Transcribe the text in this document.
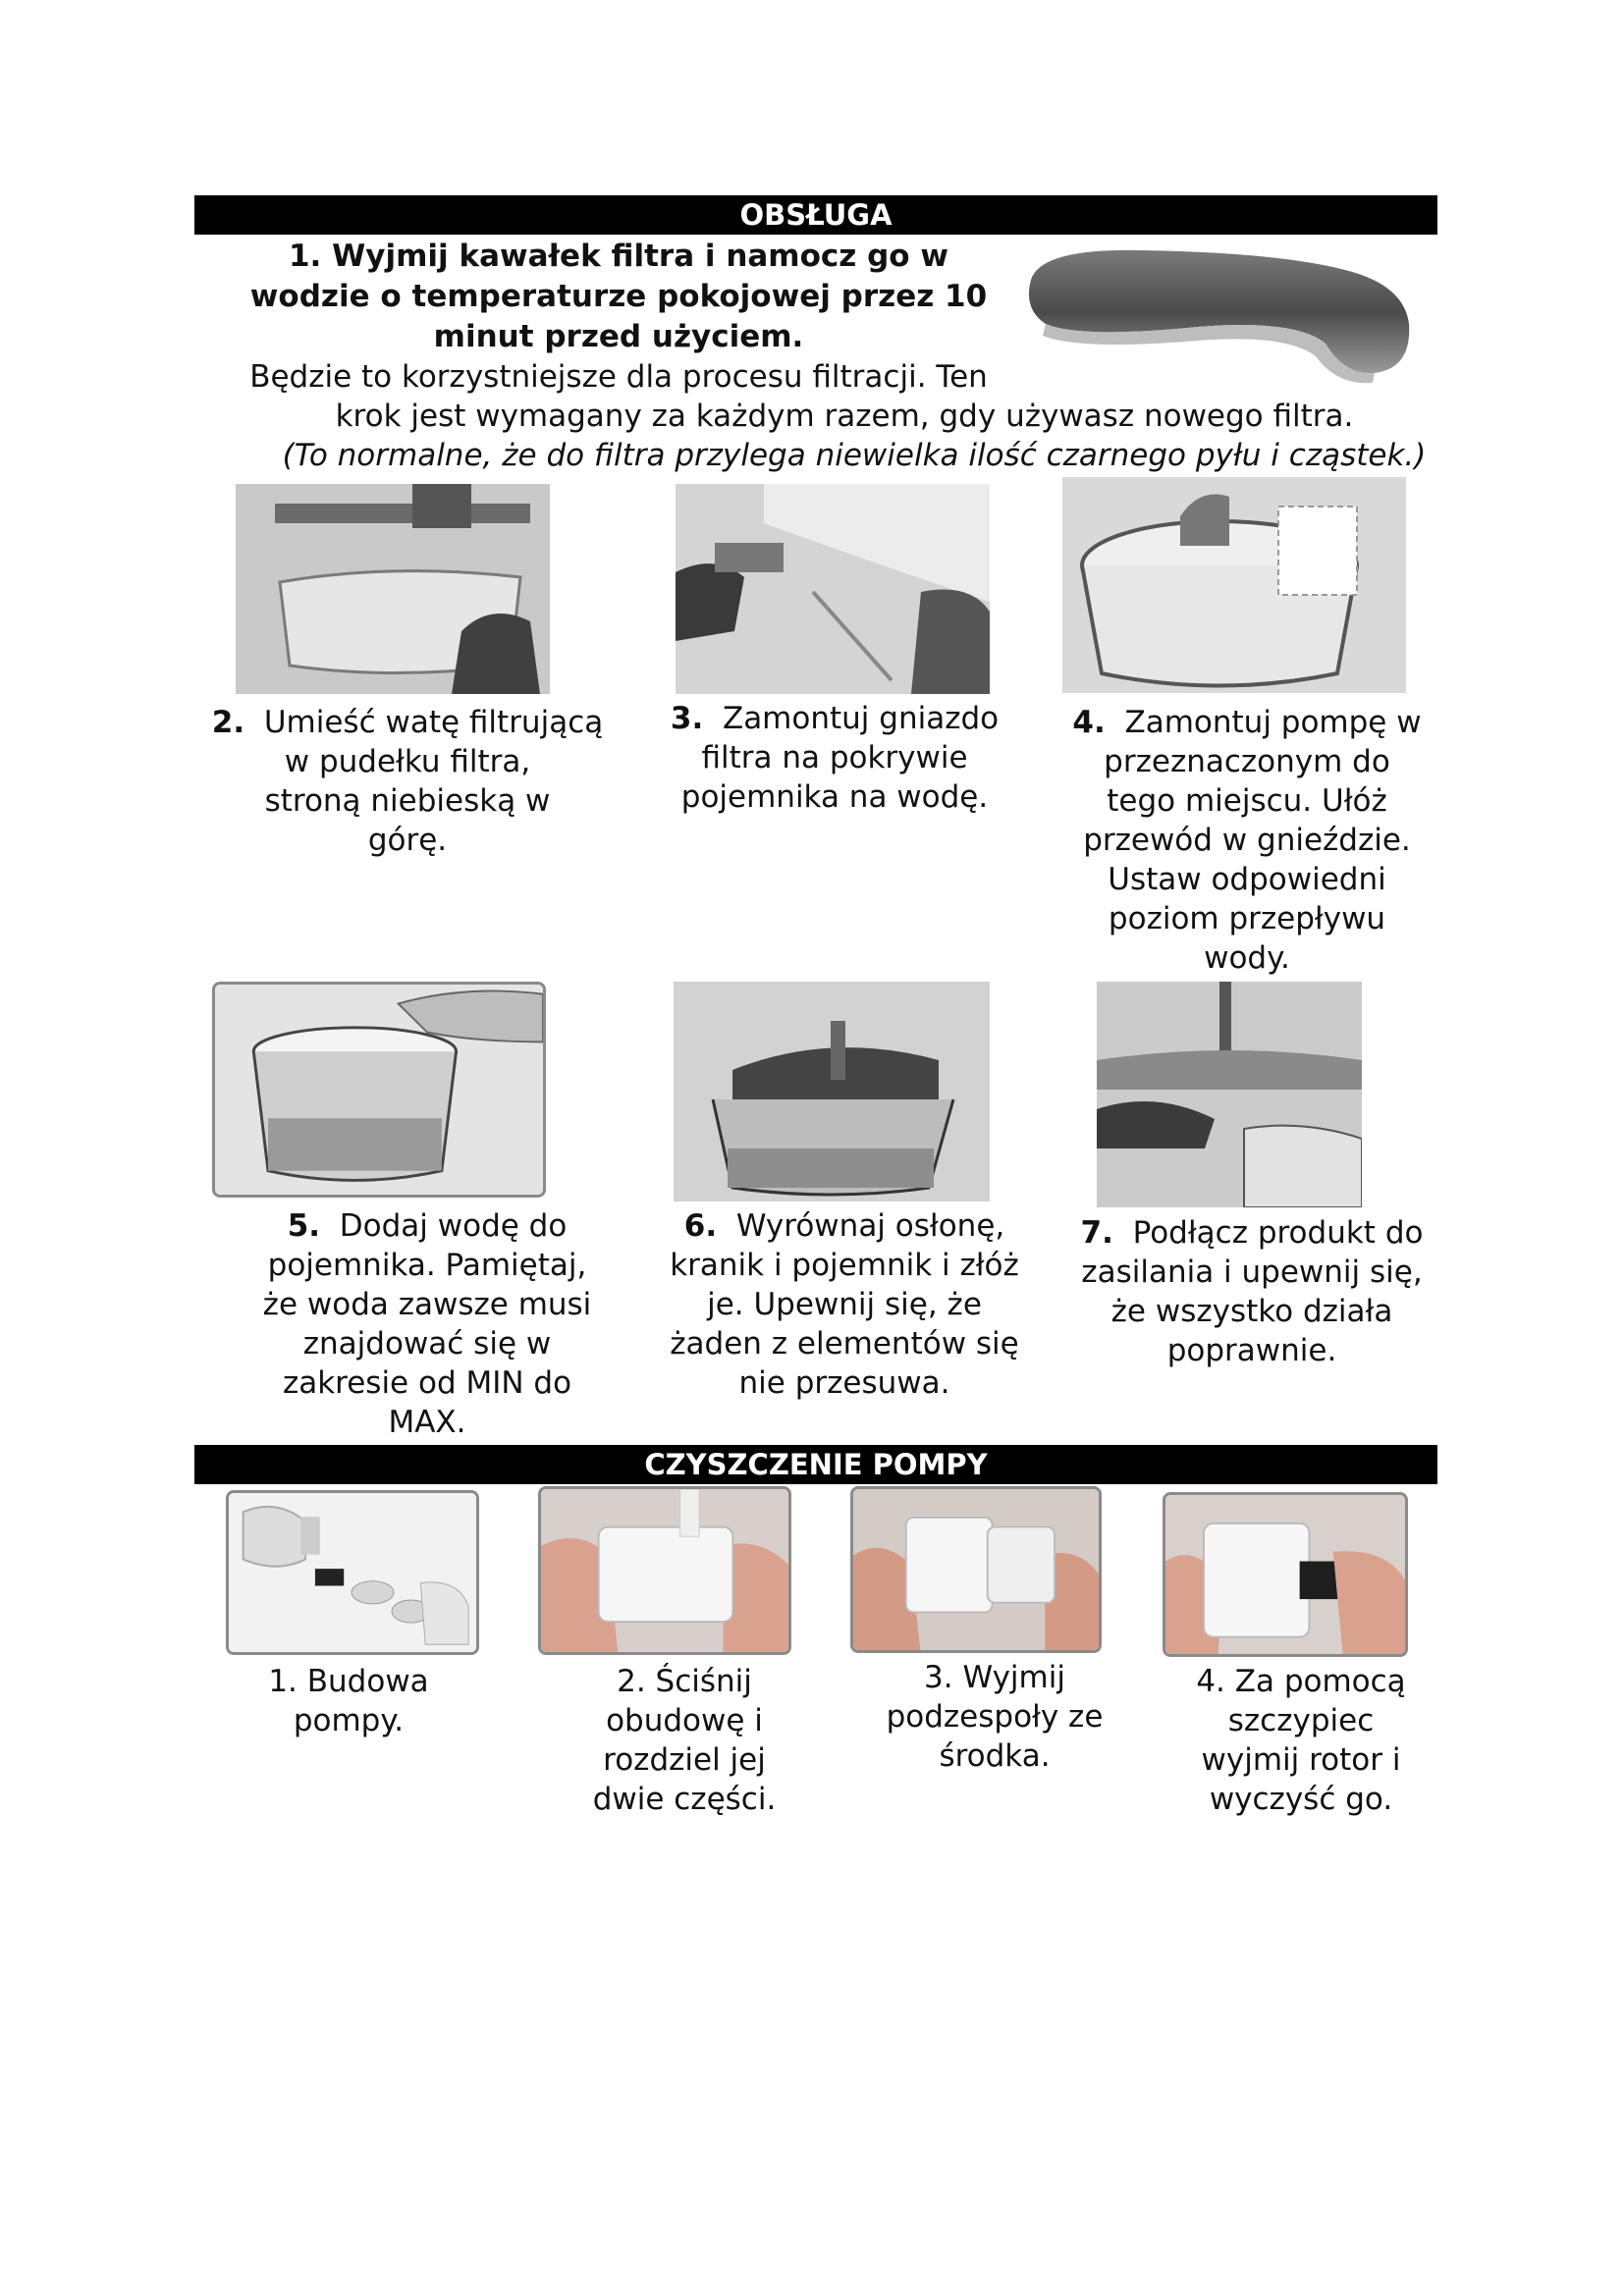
OBSŁUGA
1. Wyjmij kawałek filtra i namocz go w
wodzie o temperaturze pokojowej przez 10
minut przed użyciem.
Będzie to korzystniejsze dla procesu filtracji. Ten
krok jest wymagany za każdym razem, gdy używasz nowego filtra.
(To normalne, że do filtra przylega niewielka ilość czarnego pyłu i cząstek.)
2. Umieść watę filtrującą
w pudełku filtra,
stroną niebieską w
górę.
3. Zamontuj gniazdo
filtra na pokrywie
pojemnika na wodę.
4. Zamontuj pompę w
przeznaczonym do
tego miejscu. Ułóż
przewód w gnieździe.
Ustaw odpowiedni
poziom przepływu
wody.
5. Dodaj wodę do
pojemnika. Pamiętaj,
że woda zawsze musi
znajdować się w
zakresie od MIN do
MAX.
6. Wyrównaj osłonę,
kranik i pojemnik i złóż
je. Upewnij się, że
żaden z elementów się
nie przesuwa.
7. Podłącz produkt do
zasilania i upewnij się,
że wszystko działa
poprawnie.
CZYSZCZENIE POMPY
1. Budowa
pompy.
2. Ściśnij
obudowę i
rozdziel jej
dwie części.
3. Wyjmij
podzespoły ze
środka.
4. Za pomocą
szczypiec
wyjmij rotor i
wyczyść go.
